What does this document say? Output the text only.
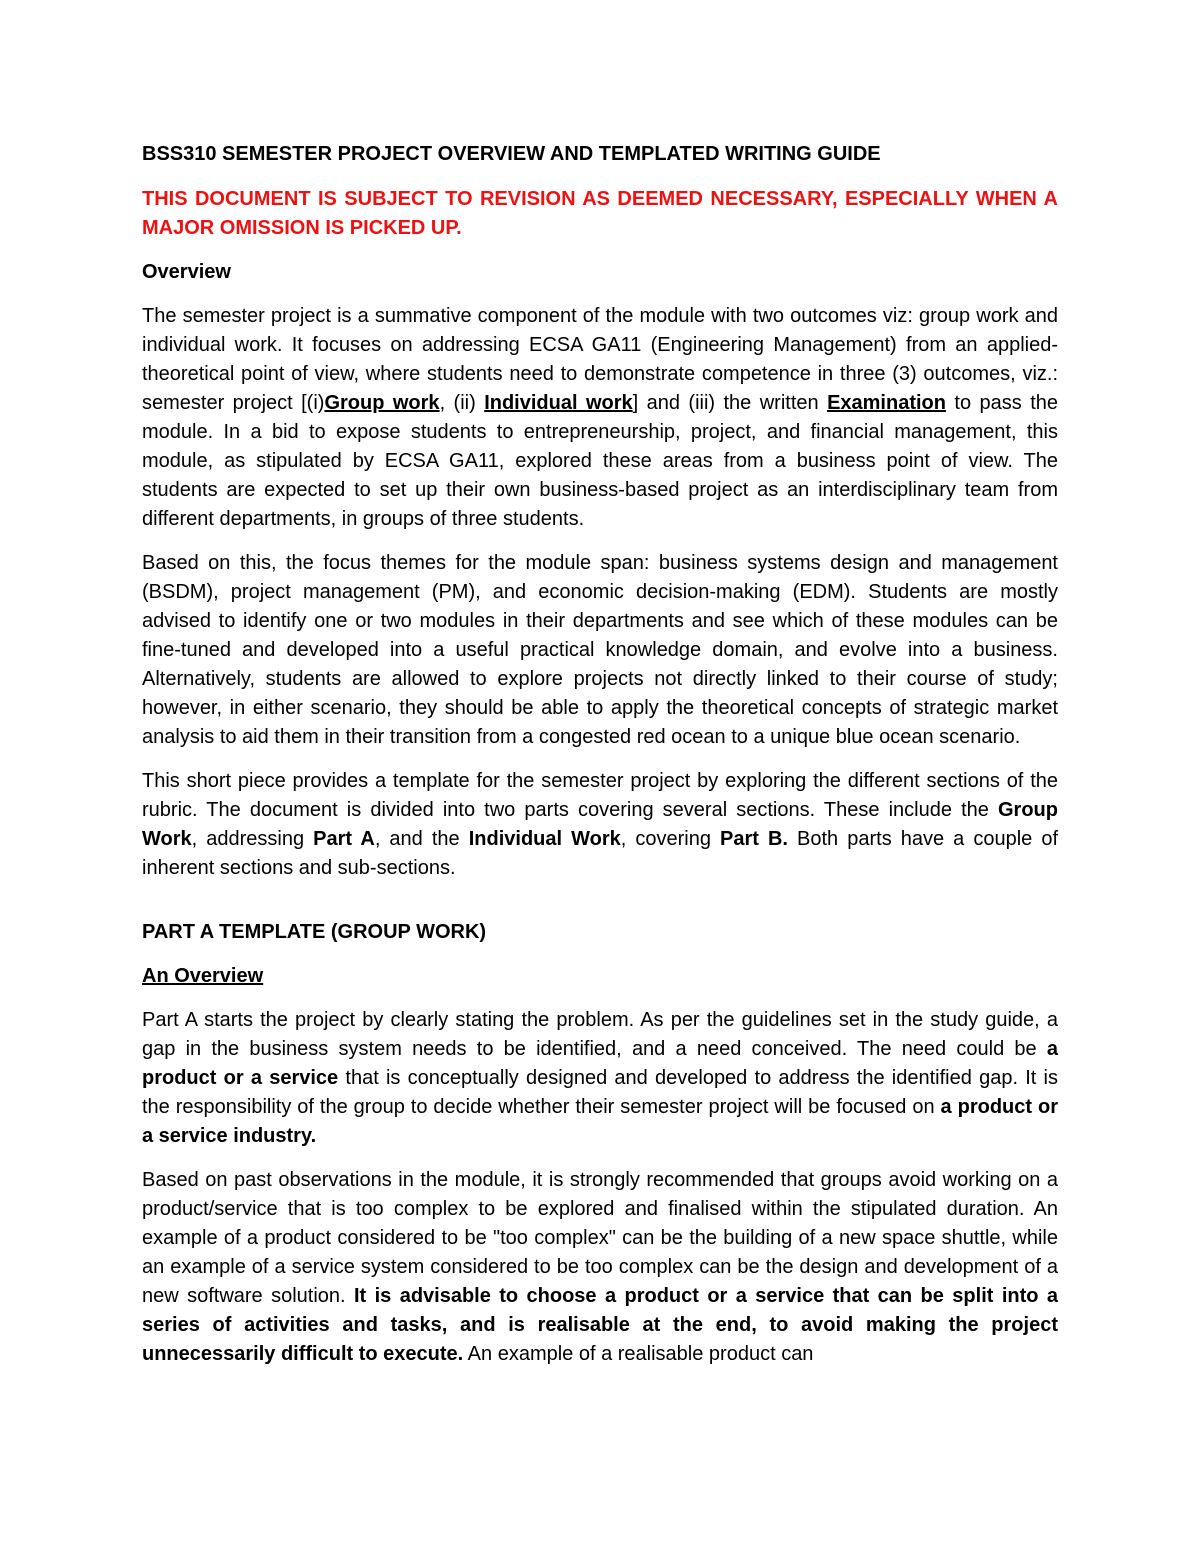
BSS310 SEMESTER PROJECT OVERVIEW AND TEMPLATED WRITING GUIDE
THIS DOCUMENT IS SUBJECT TO REVISION AS DEEMED NECESSARY, ESPECIALLY WHEN A MAJOR OMISSION IS PICKED UP.
Overview
The semester project is a summative component of the module with two outcomes viz: group work and individual work. It focuses on addressing ECSA GA11 (Engineering Management) from an applied-theoretical point of view, where students need to demonstrate competence in three (3) outcomes, viz.: semester project [(i)Group work, (ii) Individual work] and (iii) the written Examination to pass the module. In a bid to expose students to entrepreneurship, project, and financial management, this module, as stipulated by ECSA GA11, explored these areas from a business point of view. The students are expected to set up their own business-based project as an interdisciplinary team from different departments, in groups of three students.
Based on this, the focus themes for the module span: business systems design and management (BSDM), project management (PM), and economic decision-making (EDM). Students are mostly advised to identify one or two modules in their departments and see which of these modules can be fine-tuned and developed into a useful practical knowledge domain, and evolve into a business. Alternatively, students are allowed to explore projects not directly linked to their course of study; however, in either scenario, they should be able to apply the theoretical concepts of strategic market analysis to aid them in their transition from a congested red ocean to a unique blue ocean scenario.
This short piece provides a template for the semester project by exploring the different sections of the rubric. The document is divided into two parts covering several sections. These include the Group Work, addressing Part A, and the Individual Work, covering Part B. Both parts have a couple of inherent sections and sub-sections.
PART A TEMPLATE (GROUP WORK)
An Overview
Part A starts the project by clearly stating the problem. As per the guidelines set in the study guide, a gap in the business system needs to be identified, and a need conceived. The need could be a product or a service that is conceptually designed and developed to address the identified gap. It is the responsibility of the group to decide whether their semester project will be focused on a product or a service industry.
Based on past observations in the module, it is strongly recommended that groups avoid working on a product/service that is too complex to be explored and finalised within the stipulated duration. An example of a product considered to be "too complex" can be the building of a new space shuttle, while an example of a service system considered to be too complex can be the design and development of a new software solution. It is advisable to choose a product or a service that can be split into a series of activities and tasks, and is realisable at the end, to avoid making the project unnecessarily difficult to execute. An example of a realisable product can
